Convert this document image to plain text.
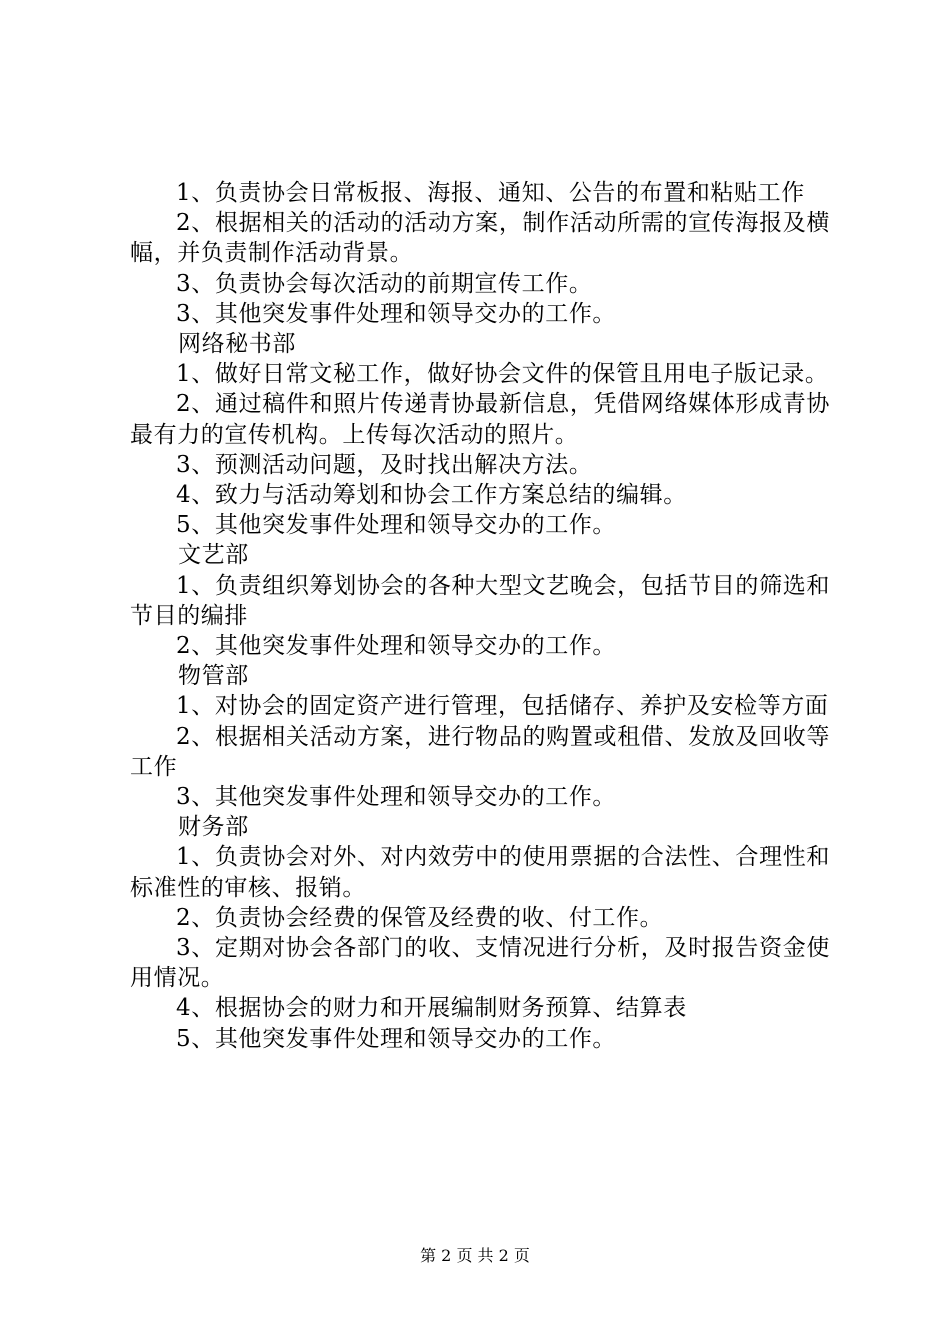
1、负责协会日常板报、海报、通知、公告的布置和粘贴工作

2、根据相关的活动的活动方案，制作活动所需的宣传海报及横幅，并负责制作活动背景。

3、负责协会每次活动的前期宣传工作。

3、其他突发事件处理和领导交办的工作。

网络秘书部

1、做好日常文秘工作，做好协会文件的保管且用电子版记录。

2、通过稿件和照片传递青协最新信息，凭借网络媒体形成青协最有力的宣传机构。上传每次活动的照片。

3、预测活动问题，及时找出解决方法。

4、致力与活动筹划和协会工作方案总结的编辑。

5、其他突发事件处理和领导交办的工作。

文艺部

1、负责组织筹划协会的各种大型文艺晚会，包括节目的筛选和节目的编排

2、其他突发事件处理和领导交办的工作。

物管部

1、对协会的固定资产进行管理，包括储存、养护及安检等方面

2、根据相关活动方案，进行物品的购置或租借、发放及回收等工作

3、其他突发事件处理和领导交办的工作。

财务部

1、负责协会对外、对内效劳中的使用票据的合法性、合理性和标准性的审核、报销。

2、负责协会经费的保管及经费的收、付工作。

3、定期对协会各部门的收、支情况进行分析，及时报告资金使用情况。

4、根据协会的财力和开展编制财务预算、结算表

5、其他突发事件处理和领导交办的工作。

第 2 页 共 2 页
